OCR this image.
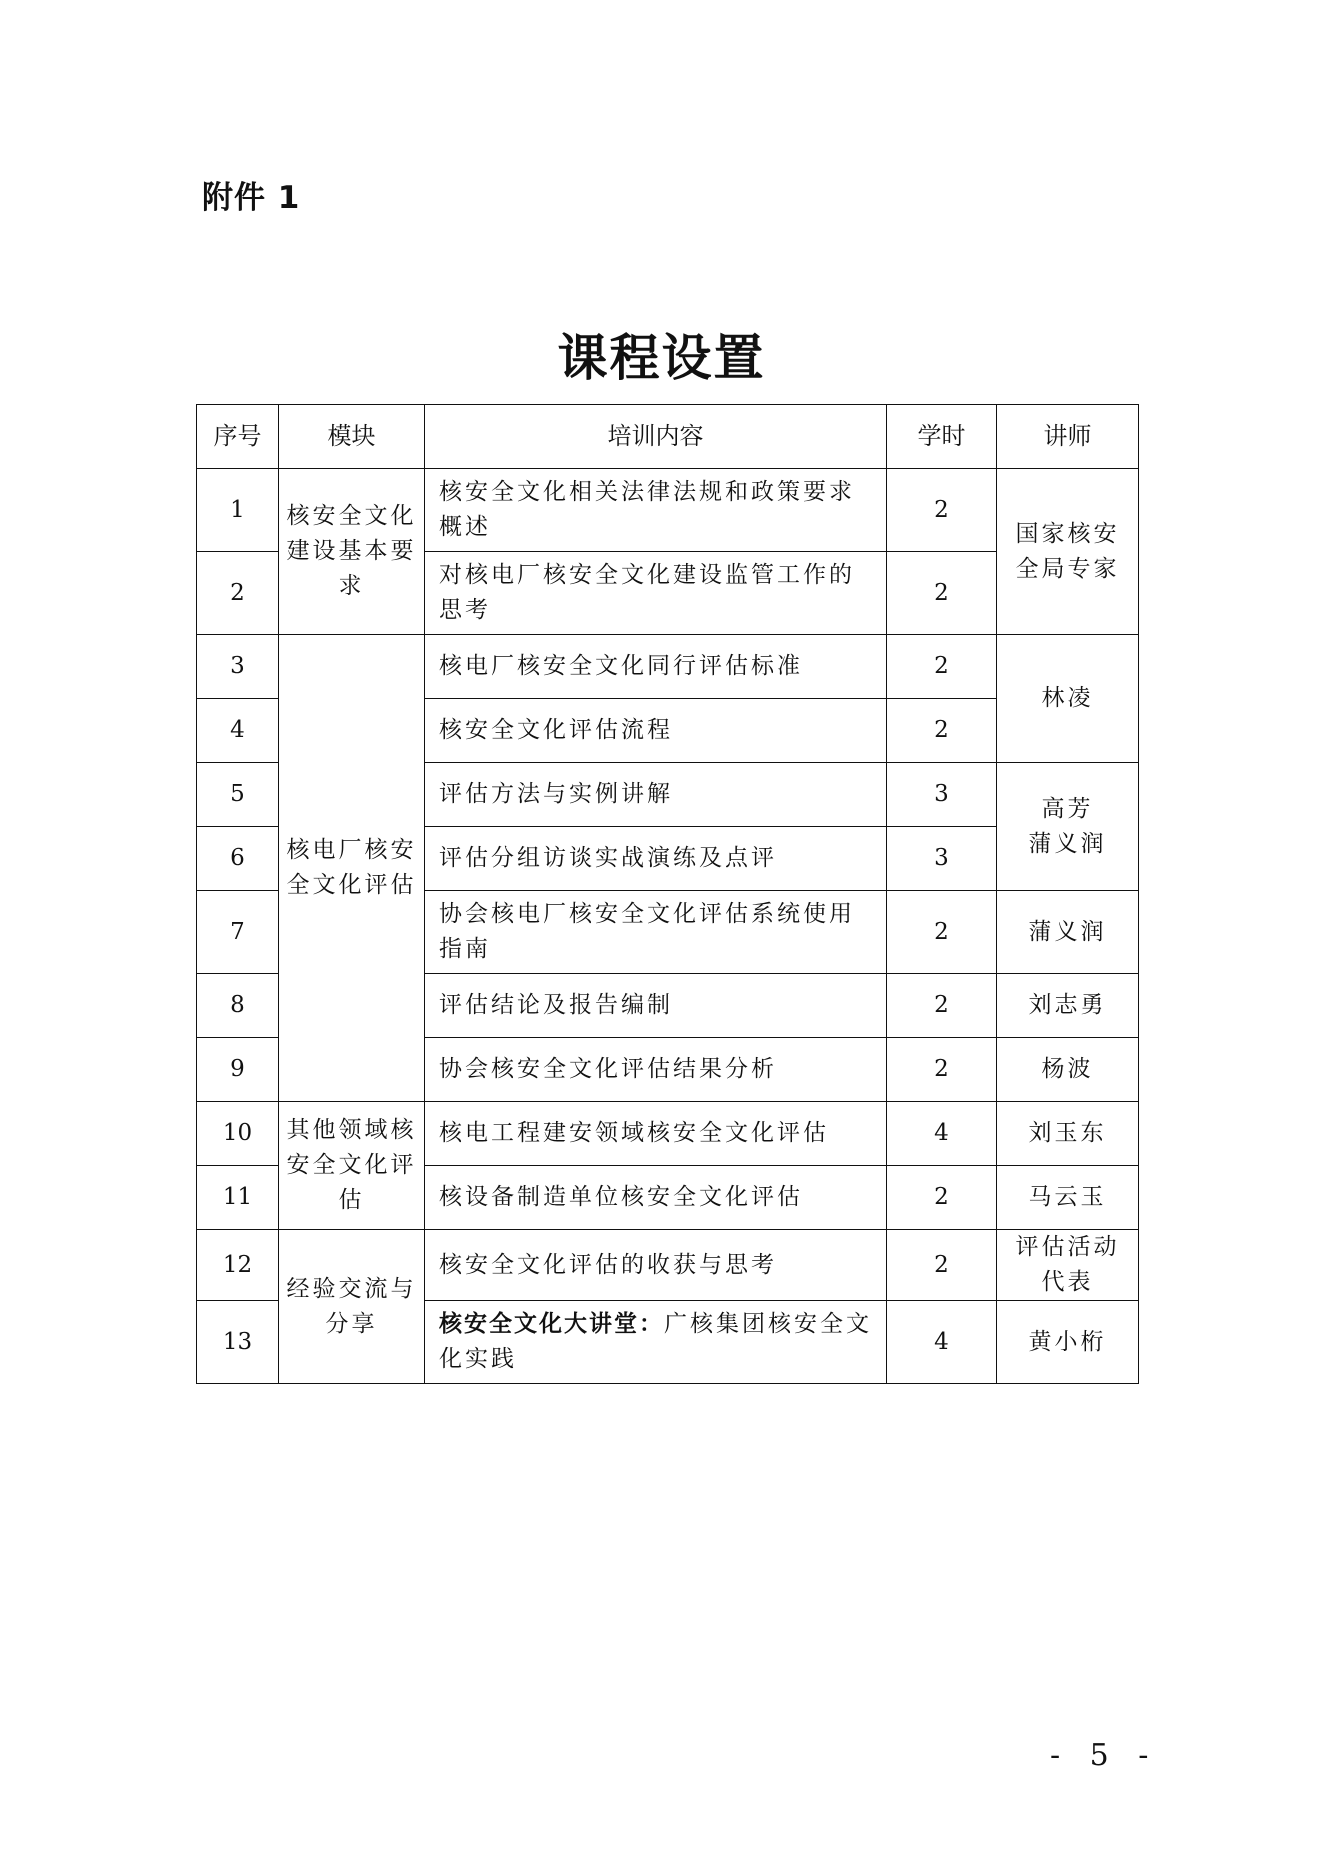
附件 1
课程设置
序号	模块	培训内容	学时	讲师
1	核安全文化建设基本要求	核安全文化相关法律法规和政策要求概述	2	国家核安全局专家
2		对核电厂核安全文化建设监管工作的思考	2	
3	核电厂核安全文化评估	核电厂核安全文化同行评估标准	2	林凌
4		核安全文化评估流程	2	
5		评估方法与实例讲解	3	高芳
蒲义润
6		评估分组访谈实战演练及点评	3	
7		协会核电厂核安全文化评估系统使用指南	2	蒲义润
8		评估结论及报告编制	2	刘志勇
9		协会核安全文化评估结果分析	2	杨波
10	其他领域核安全文化评估	核电工程建安领域核安全文化评估	4	刘玉东
11		核设备制造单位核安全文化评估	2	马云玉
12	经验交流与分享	核安全文化评估的收获与思考	2	评估活动代表
13		核安全文化大讲堂：广核集团核安全文化实践	4	黄小桁
- 5 -
